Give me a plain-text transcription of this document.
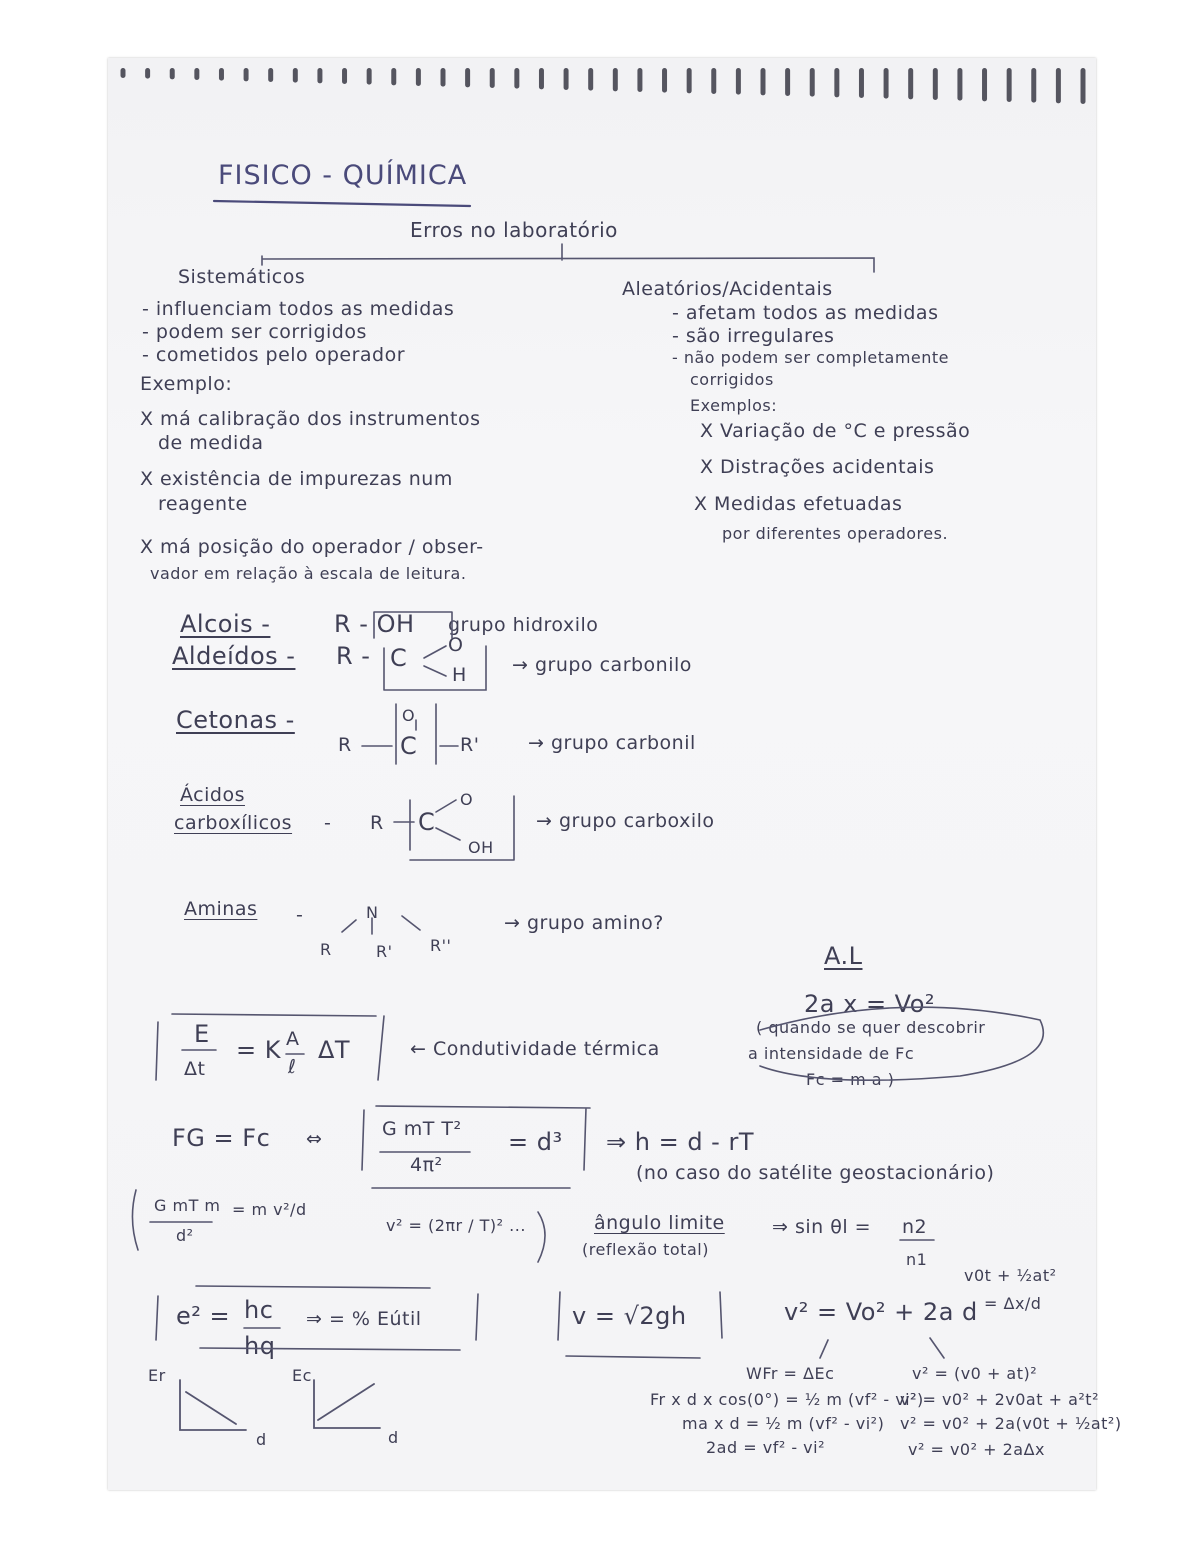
FISICO - QUÍMICA
Erros no laboratório
Sistemáticos
- influenciam todos as medidas
- podem ser corrigidos
- cometidos pelo operador
Exemplo:
X má calibração dos instrumentos
de medida
X existência de impurezas num
reagente
X má posição do operador / obser-
vador em relação à escala de leitura.
Aleatórios/Acidentais
- afetam todos as medidas
- são irregulares
- não podem ser completamente
corrigidos
Exemplos:
X Variação de °C e pressão
X Distrações acidentais
X Medidas efetuadas
por diferentes operadores.
Alcois -	R - OH grupo hidroxilo
Aldeídos - R - C O
H → grupo carbonilo
Cetonas -	O
R C R'	→ grupo carbonil
Ácidos
carboxílicos - R C
O
OH
→ grupo carboxilo
Aminas -	N
R	R' R''
→ grupo amino?
A.L
2a x = Vo²
( quando se quer descobrir
a intensidade de Fc
Fc = m a )
E
Δt
= K A
ℓ
ΔT	← Condutividade térmica
FG = Fc ⇔	G mT T²
4π²
= d³ ⇒ h = d - rT
(no caso do satélite geostacionário)
G mT m
d²
= m v²/d
v² = (2πr / T)² ...	ângulo limite
(reflexão total)
⇒ sin θl = n2
n1
e² = hc
hq
⇒ = % Eútil	v = √2gh	v² = Vo² + 2a d
v0t + ½at²
= Δx/d
Er
d
Ec
d
WFr = ΔEc
Fr x d x cos(0°) = ½ m (vf² - vi²)
ma x d = ½ m (vf² - vi²)
2ad = vf² - vi²
v² = (v0 + at)²
v² = v0² + 2v0at + a²t²
v² = v0² + 2a(v0t + ½at²)
v² = v0² + 2aΔx
